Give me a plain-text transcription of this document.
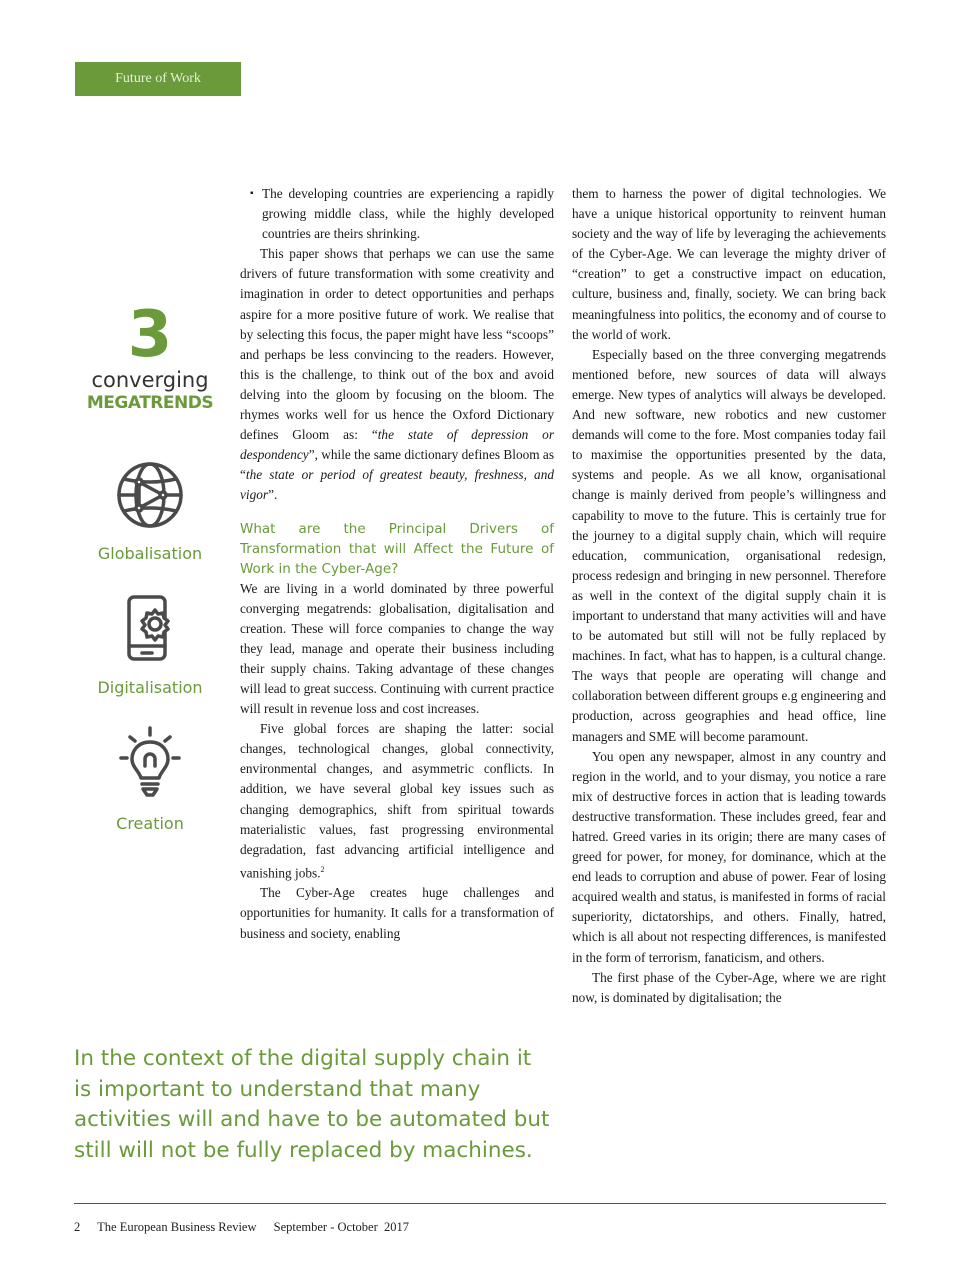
Future of Work
3
converging
MEGATRENDS
Globalisation
Digitalisation
Creation
▪ The developing countries are experiencing a rapidly growing middle class, while the highly developed countries are theirs shrinking.

This paper shows that perhaps we can use the same drivers of future transformation with some creativity and imagination in order to detect opportunities and perhaps aspire for a more positive future of work. We realise that by selecting this focus, the paper might have less “scoops” and perhaps be less convincing to the readers. However, this is the challenge, to think out of the box and avoid delving into the gloom by focusing on the bloom. The rhymes works well for us hence the Oxford Dictionary defines Gloom as: “the state of depression or despondency”, while the same dictionary defines Bloom as “the state or period of greatest beauty, freshness, and vigor”.

What are the Principal Drivers of Transformation that will Affect the Future of Work in the Cyber-Age?

We are living in a world dominated by three powerful converging megatrends: globalisation, digitalisation and creation. These will force companies to change the way they lead, manage and operate their business including their supply chains. Taking advantage of these changes will lead to great success. Continuing with current practice will result in revenue loss and cost increases.

Five global forces are shaping the latter: social changes, technological changes, global connectivity, environmental changes, and asymmetric conflicts. In addition, we have several global key issues such as changing demographics, shift from spiritual towards materialistic values, fast progressing environmental degradation, fast advancing artificial intelligence and vanishing jobs.$^2$

The Cyber-Age creates huge challenges and opportunities for humanity. It calls for a transformation of business and society, enabling

them to harness the power of digital technologies. We have a unique historical opportunity to reinvent human society and the way of life by leveraging the achievements of the Cyber-Age. We can leverage the mighty driver of “creation” to get a constructive impact on education, culture, business and, finally, society. We can bring back meaningfulness into politics, the economy and of course to the world of work.

Especially based on the three converging megatrends mentioned before, new sources of data will always emerge. New types of analytics will always be developed. And new software, new robotics and new customer demands will come to the fore. Most companies today fail to maximise the opportunities presented by the data, systems and people. As we all know, organisational change is mainly derived from people’s willingness and capability to move to the future. This is certainly true for the journey to a digital supply chain, which will require education, communication, organisational redesign, process redesign and bringing in new personnel. Therefore as well in the context of the digital supply chain it is important to understand that many activities will and have to be automated but still will not be fully replaced by machines. In fact, what has to happen, is a cultural change. The ways that people are operating will change and collaboration between different groups e.g engineering and production, across geographies and head office, line managers and SME will become paramount.

You open any newspaper, almost in any country and region in the world, and to your dismay, you notice a rare mix of destructive forces in action that is leading towards destructive transformation. These includes greed, fear and hatred. Greed varies in its origin; there are many cases of greed for power, for money, for dominance, which at the end leads to corruption and abuse of power. Fear of losing acquired wealth and status, is manifested in forms of racial superiority, dictatorships, and others. Finally, hatred, which is all about not respecting differences, is manifested in the form of terrorism, fanaticism, and others.

The first phase of the Cyber-Age, where we are right now, is dominated by digitalisation; the

In the context of the digital supply chain it is important to understand that many activities will and have to be automated but still will not be fully replaced by machines.
2 The European Business Review September - October  2017
